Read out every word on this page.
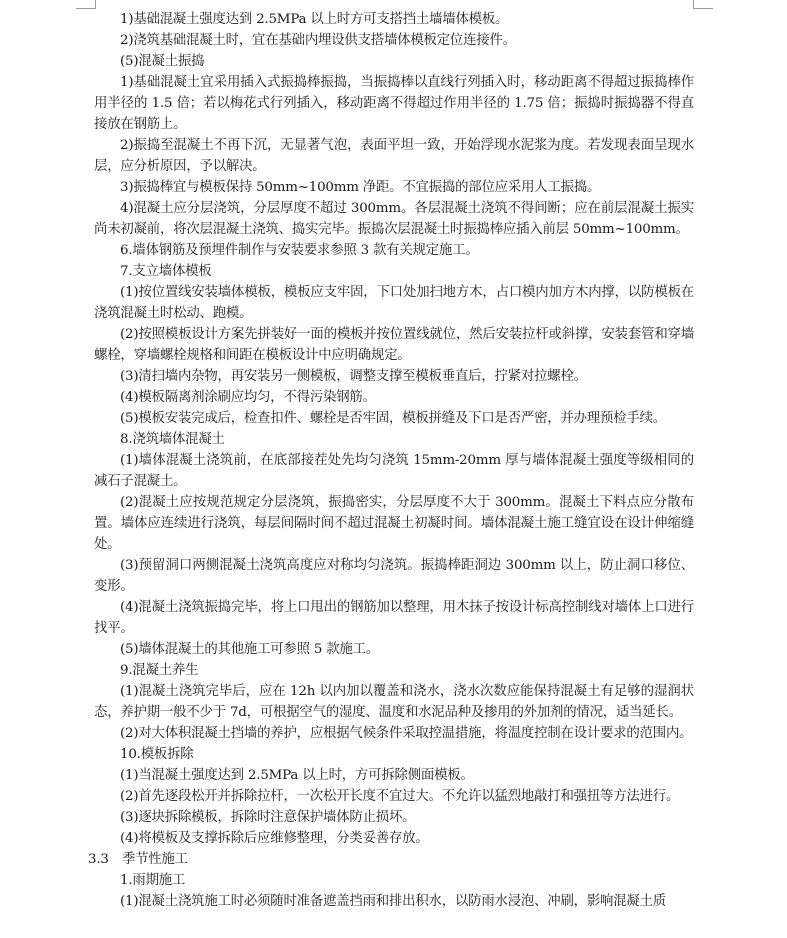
1)基础混凝土强度达到 2.5MPa 以上时方可支搭挡土墙墙体模板。

2)浇筑基础混凝土时，宜在基础内埋设供支搭墙体模板定位连接件。

(5)混凝土振捣

1)基础混凝土宜采用插入式振捣棒振捣，当振捣棒以直线行列插入时，移动距离不得超过振捣棒作用半径的 1.5 倍；若以梅花式行列插入，移动距离不得超过作用半径的 1.75 倍；振捣时振捣器不得直接放在钢筋上。

2)振捣至混凝土不再下沉，无显著气泡，表面平坦一致，开始浮现水泥浆为度。若发现表面呈现水层，应分析原因，予以解决。

3)振捣棒宜与模板保持 50mm~100mm 净距。不宜振捣的部位应采用人工振捣。

4)混凝土应分层浇筑，分层厚度不超过 300mm。各层混凝土浇筑不得间断；应在前层混凝土振实尚未初凝前，将次层混凝土浇筑、捣实完毕。振捣次层混凝土时振捣棒应插入前层 50mm~100mm。

6.墙体钢筋及预埋件制作与安装要求参照 3 款有关规定施工。

7.支立墙体模板

(1)按位置线安装墙体模板，模板应支牢固，下口处加扫地方木，占口模内加方木内撑，以防模板在浇筑混凝土时松动、跑模。

(2)按照模板设计方案先拼装好一面的模板并按位置线就位，然后安装拉杆或斜撑，安装套管和穿墙螺栓，穿墙螺栓规格和间距在模板设计中应明确规定。

(3)清扫墙内杂物，再安装另一侧模板，调整支撑至模板垂直后，拧紧对拉螺栓。

(4)模板隔离剂涂刷应均匀，不得污染钢筋。

(5)模板安装完成后，检查扣件、螺栓是否牢固，模板拼缝及下口是否严密，并办理预检手续。

8.浇筑墙体混凝土

(1)墙体混凝土浇筑前，在底部接茬处先均匀浇筑 15mm-20mm 厚与墙体混凝土强度等级相同的减石子混凝土。

(2)混凝土应按规范规定分层浇筑，振捣密实，分层厚度不大于 300mm。混凝土下料点应分散布置。墙体应连续进行浇筑，每层间隔时间不超过混凝土初凝时间。墙体混凝土施工缝宜设在设计伸缩缝处。

(3)预留洞口两侧混凝土浇筑高度应对称均匀浇筑。振捣棒距洞边 300mm 以上，防止洞口移位、变形。

(4)混凝土浇筑振捣完毕，将上口甩出的钢筋加以整理，用木抹子按设计标高控制线对墙体上口进行找平。

(5)墙体混凝土的其他施工可参照 5 款施工。

9.混凝土养生

(1)混凝土浇筑完毕后，应在 12h 以内加以覆盖和浇水，浇水次数应能保持混凝土有足够的湿润状态，养护期一般不少于 7d，可根据空气的湿度、温度和水泥品种及掺用的外加剂的情况，适当延长。

(2)对大体积混凝土挡墙的养护，应根据气候条件采取控温措施，将温度控制在设计要求的范围内。

10.模板拆除

(1)当混凝土强度达到 2.5MPa 以上时，方可拆除侧面模板。

(2)首先逐段松开并拆除拉杆，一次松开长度不宜过大。不允许以猛烈地敲打和强扭等方法进行。

(3)逐块拆除模板，拆除时注意保护墙体防止损坏。

(4)将模板及支撑拆除后应维修整理，分类妥善存放。

3.3　季节性施工

1.雨期施工

(1)混凝土浇筑施工时必须随时准备遮盖挡雨和排出积水，以防雨水浸泡、冲刷，影响混凝土质
